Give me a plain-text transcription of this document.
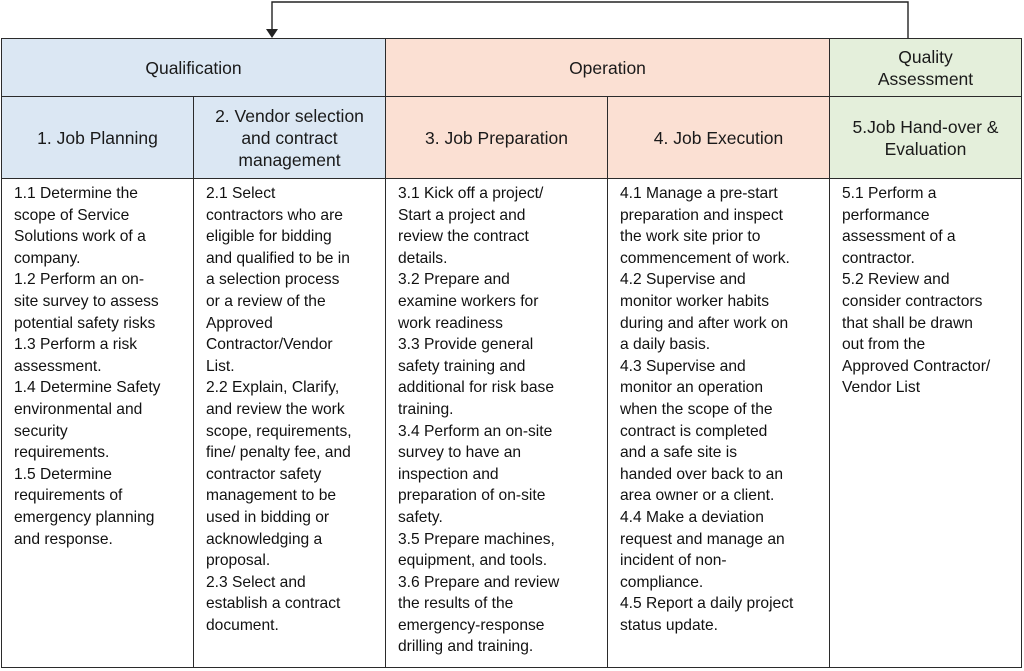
Qualification	Operation
Quality
Assessment
1. Job Planning
2. Vendor selection
and contract
management
3. Job Preparation	4. Job Execution
5.Job Hand-over &
Evaluation
1.1 Determine the
scope of Service
Solutions work of a
company.
1.2 Perform an on-
site survey to assess
potential safety risks
1.3 Perform a risk
assessment.
1.4 Determine Safety
environmental and
security
requirements.
1.5 Determine
requirements of
emergency planning
and response.
2.1 Select
contractors who are
eligible for bidding
and qualified to be in
a selection process
or a review of the
Approved
Contractor/Vendor
List.
2.2 Explain, Clarify,
and review the work
scope, requirements,
fine/ penalty fee, and
contractor safety
management to be
used in bidding or
acknowledging a
proposal.
2.3 Select and
establish a contract
document.
3.1 Kick off a project/
Start a project and
review the contract
details.
3.2 Prepare and
examine workers for
work readiness
3.3 Provide general
safety training and
additional for risk base
training.
3.4 Perform an on-site
survey to have an
inspection and
preparation of on-site
safety.
3.5 Prepare machines,
equipment, and tools.
3.6 Prepare and review
the results of the
emergency-response
drilling and training.
4.1 Manage a pre-start
preparation and inspect
the work site prior to
commencement of work.
4.2 Supervise and
monitor worker habits
during and after work on
a daily basis.
4.3 Supervise and
monitor an operation
when the scope of the
contract is completed
and a safe site is
handed over back to an
area owner or a client.
4.4 Make a deviation
request and manage an
incident of non-
compliance.
4.5 Report a daily project
status update.
5.1 Perform a
performance
assessment of a
contractor.
5.2 Review and
consider contractors
that shall be drawn
out from the
Approved Contractor/
Vendor List
